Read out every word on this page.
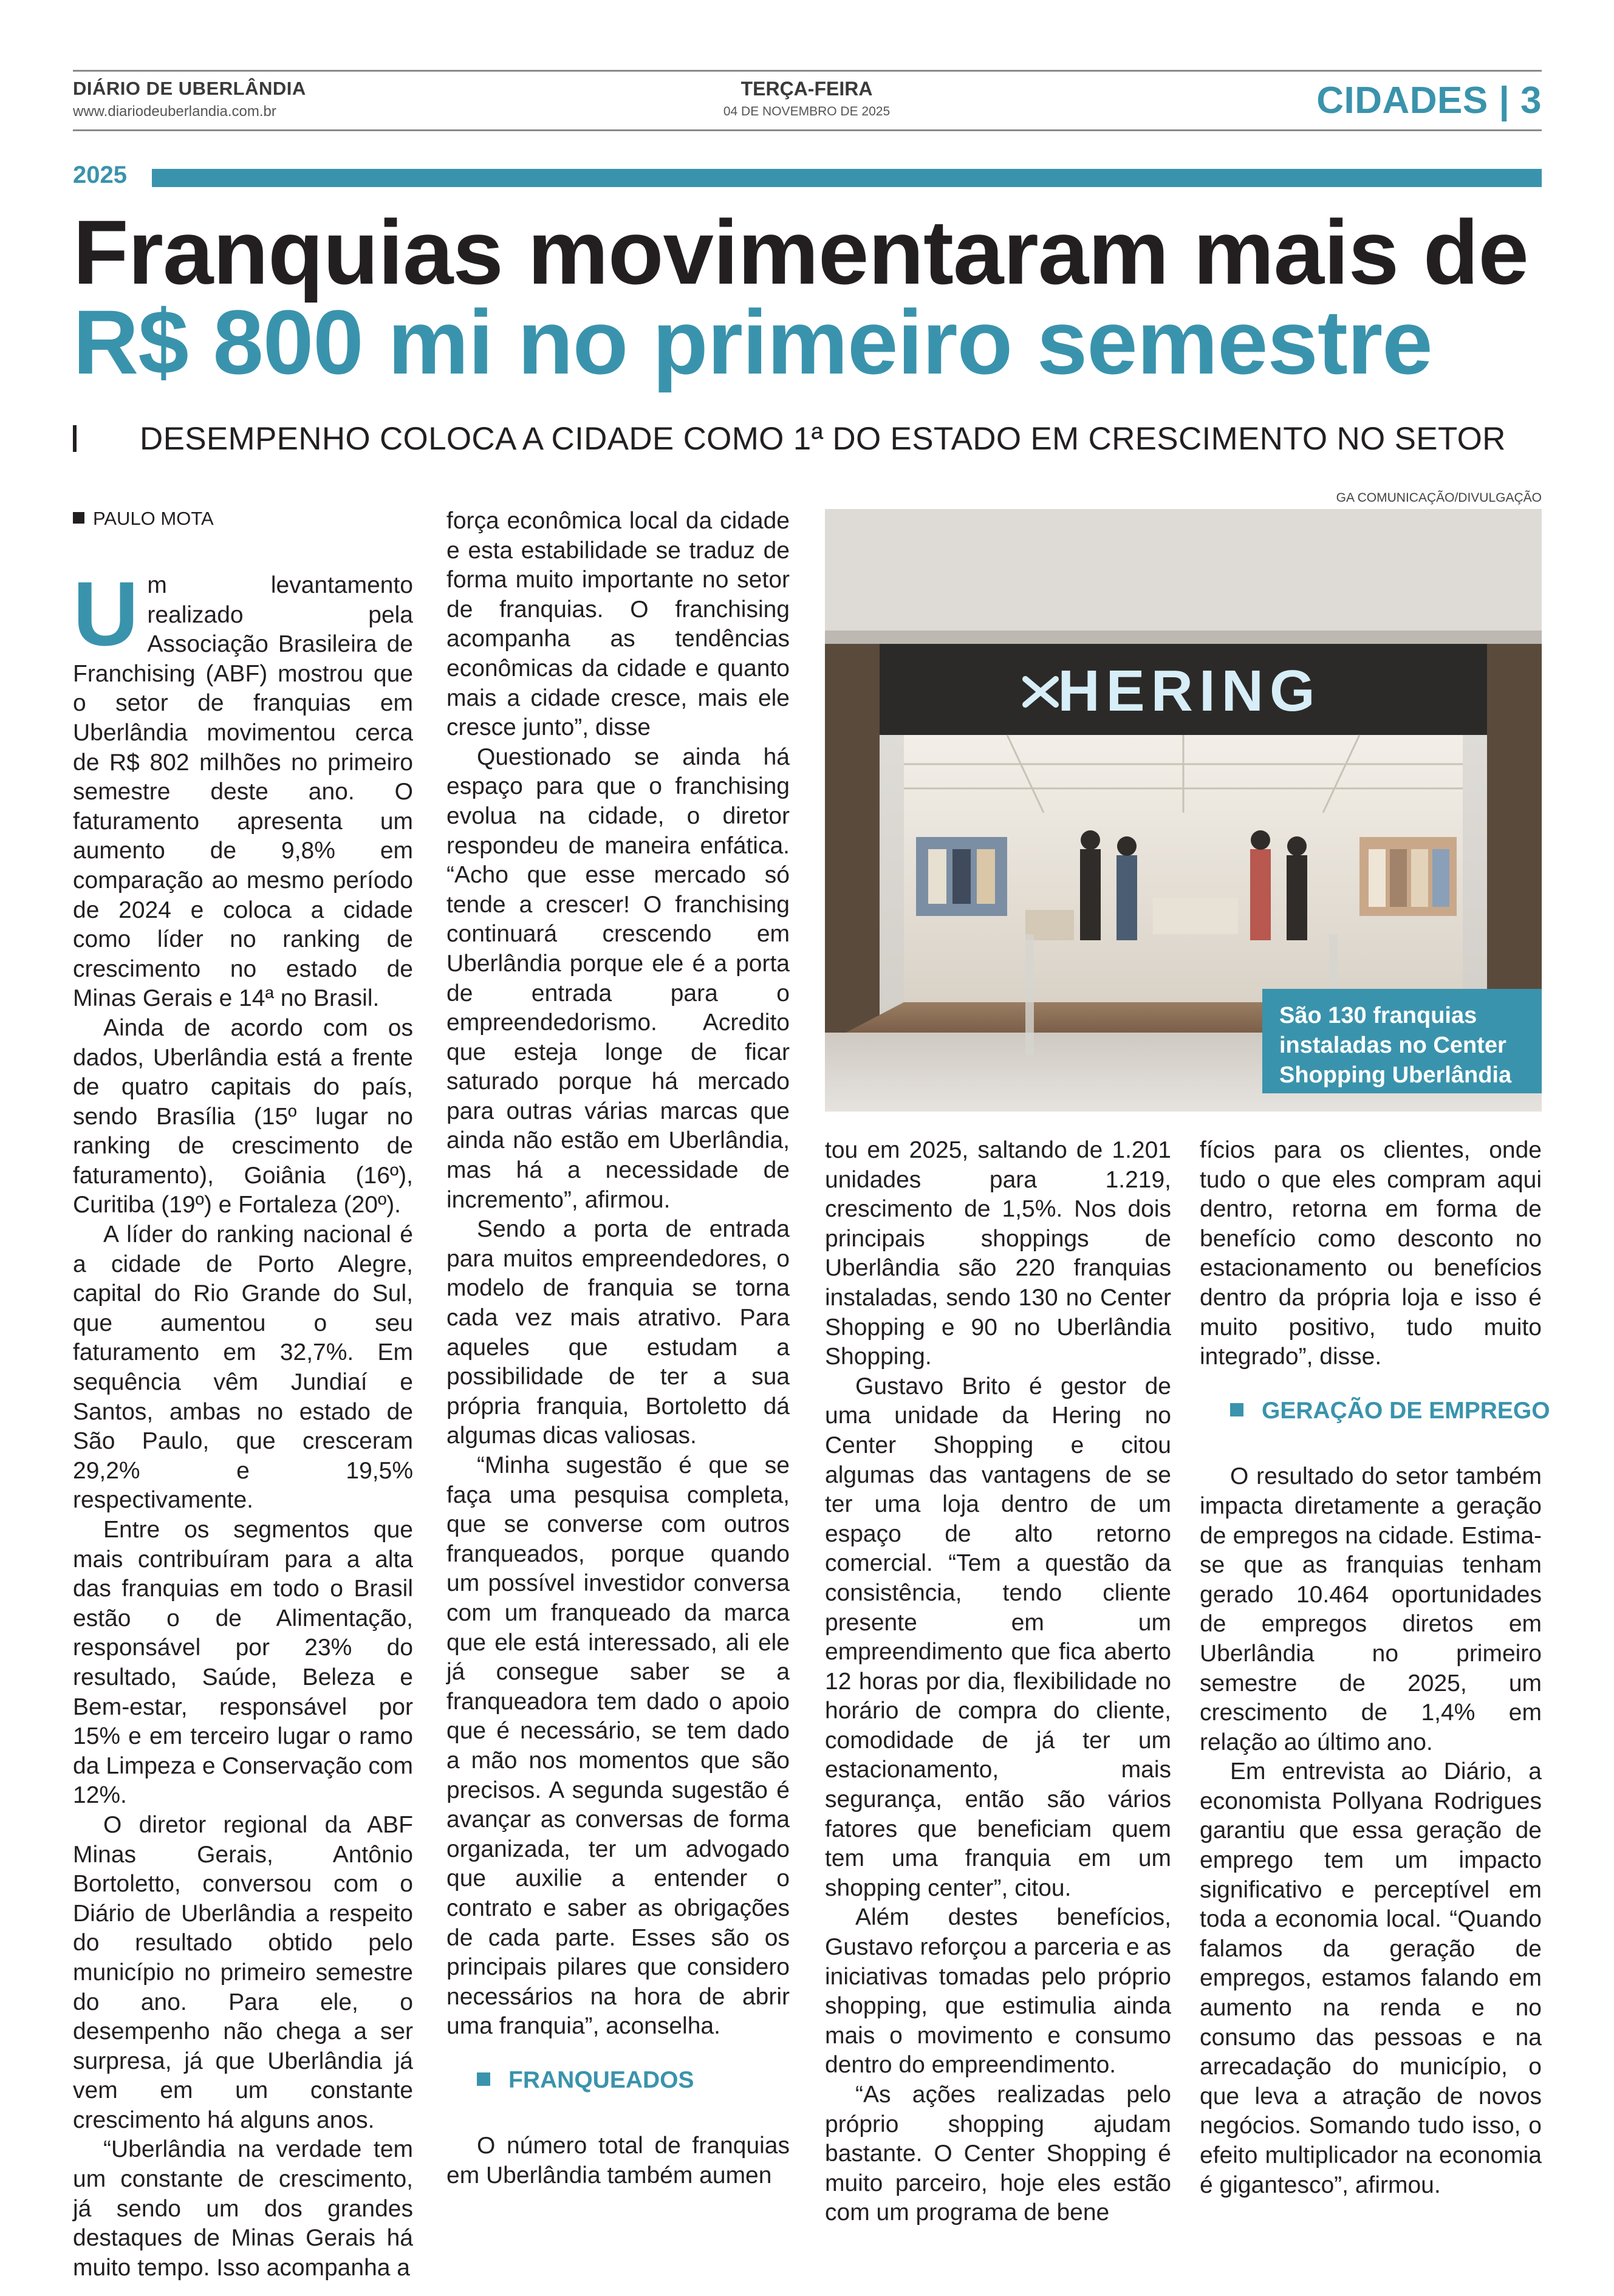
DIÁRIO DE UBERLÂNDIA
www.diariodeuberlandia.com.br
TERÇA-FEIRA
04 DE NOVEMBRO DE 2025	CIDADES | 3
2025
Franquias movimentaram mais de
R$ 800 mi no primeiro semestre
DESEMPENHO COLOCA A CIDADE COMO 1ª DO ESTADO EM CRESCIMENTO NO SETOR
GA COMUNICAÇÃO/DIVULGAÇÃO
PAULO MOTA
HERING
São 130 franquias instaladas no Center Shopping Uberlândia

Um levantamento realizado pela Associação Brasileira de Franchising (ABF) mostrou que o setor de franquias em Uberlândia movimentou cerca de R$ 802 milhões no primeiro semestre deste ano. O faturamento apresenta um aumento de 9,8% em comparação ao mesmo período de 2024 e coloca a cidade como líder no ranking de crescimento no estado de Minas Gerais e 14ª no Brasil.

Ainda de acordo com os dados, Uberlândia está a frente de quatro capitais do país, sendo Brasília (15º lugar no ranking de crescimento de faturamento), Goiânia (16º), Curitiba (19º) e Fortaleza (20º).

A líder do ranking nacional é a cidade de Porto Alegre, capital do Rio Grande do Sul, que aumentou o seu faturamento em 32,7%. Em sequência vêm Jundiaí e Santos, ambas no estado de São Paulo, que cresceram 29,2% e 19,5% respectivamente.

Entre os segmentos que mais contribuíram para a alta das franquias em todo o Brasil estão o de Alimentação, responsável por 23% do resultado, Saúde, Beleza e Bem-estar, responsável por 15% e em terceiro lugar o ramo da Limpeza e Conservação com 12%.

O diretor regional da ABF Minas Gerais, Antônio Bortoletto, conversou com o Diário de Uberlândia a respeito do resultado obtido pelo município no primeiro semestre do ano. Para ele, o desempenho não chega a ser surpresa, já que Uberlândia já vem em um constante crescimento há alguns anos.

“Uberlândia na verdade tem um constante de crescimento, já sendo um dos grandes destaques de Minas Gerais há muito tempo. Isso acompanha a

força econômica local da cidade e esta estabilidade se traduz de forma muito importante no setor de franquias. O franchising acompanha as tendências econômicas da cidade e quanto mais a cidade cresce, mais ele cresce junto”, disse

Questionado se ainda há espaço para que o franchising evolua na cidade, o diretor respondeu de maneira enfática. “Acho que esse mercado só tende a crescer! O franchising continuará crescendo em Uberlândia porque ele é a porta de entrada para o empreendedorismo. Acredito que esteja longe de ficar saturado porque há mercado para outras várias marcas que ainda não estão em Uberlândia, mas há a necessidade de incremento”, afirmou.

Sendo a porta de entrada para muitos empreendedores, o modelo de franquia se torna cada vez mais atrativo. Para aqueles que estudam a possibilidade de ter a sua própria franquia, Bortoletto dá algumas dicas valiosas.

“Minha sugestão é que se faça uma pesquisa completa, que se converse com outros franqueados, porque quando um possível investidor conversa com um franqueado da marca que ele está interessado, ali ele já consegue saber se a franqueadora tem dado o apoio que é necessário, se tem dado a mão nos momentos que são precisos. A segunda sugestão é avançar as conversas de forma organizada, ter um advogado que auxilie a entender o contrato e saber as obrigações de cada parte. Esses são os principais pilares que considero necessários na hora de abrir uma franquia”, aconselha.

FRANQUEADOS

O número total de franquias em Uberlândia também aumen

tou em 2025, saltando de 1.201 unidades para 1.219, crescimento de 1,5%. Nos dois principais shoppings de Uberlândia são 220 franquias instaladas, sendo 130 no Center Shopping e 90 no Uberlândia Shopping.

Gustavo Brito é gestor de uma unidade da Hering no Center Shopping e citou algumas das vantagens de se ter uma loja dentro de um espaço de alto retorno comercial. “Tem a questão da consistência, tendo cliente presente em um empreendimento que fica aberto 12 horas por dia, flexibilidade no horário de compra do cliente, comodidade de já ter um estacionamento, mais segurança, então são vários fatores que beneficiam quem tem uma franquia em um shopping center”, citou.

Além destes benefícios, Gustavo reforçou a parceria e as iniciativas tomadas pelo próprio shopping, que estimulia ainda mais o movimento e consumo dentro do empreendimento.

“As ações realizadas pelo próprio shopping ajudam bastante. O Center Shopping é muito parceiro, hoje eles estão com um programa de bene

fícios para os clientes, onde tudo o que eles compram aqui dentro, retorna em forma de benefício como desconto no estacionamento ou benefícios dentro da própria loja e isso é muito positivo, tudo muito integrado”, disse.

GERAÇÃO DE EMPREGO

O resultado do setor também impacta diretamente a geração de empregos na cidade. Estima-se que as franquias tenham gerado 10.464 oportunidades de empregos diretos em Uberlândia no primeiro semestre de 2025, um crescimento de 1,4% em relação ao último ano.

Em entrevista ao Diário, a economista Pollyana Rodrigues garantiu que essa geração de emprego tem um impacto significativo e perceptível em toda a economia local. “Quando falamos da geração de empregos, estamos falando em aumento na renda e no consumo das pessoas e na arrecadação do município, o que leva a atração de novos negócios. Somando tudo isso, o efeito multiplicador na economia é gigantesco”, afirmou.
